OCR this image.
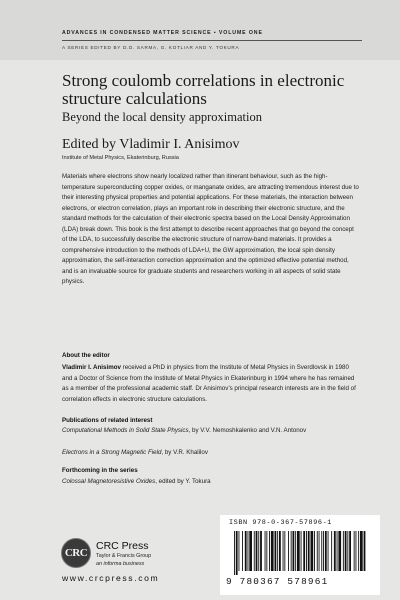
ADVANCES IN CONDENSED MATTER SCIENCE ▪ VOLUME ONE
A SERIES EDITED BY D.D. SARMA, G. KOTLIAR AND Y. TOKURA
Strong coulomb correlations in electronic structure calculations
Beyond the local density approximation
Edited by Vladimir I. Anisimov
Institute of Metal Physics, Ekaterinburg, Russia

Materials where electrons show nearly localized rather than itinerant behaviour, such as the high-temperature superconducting copper oxides, or manganate oxides, are attracting tremendous interest due to their interesting physical properties and potential applications. For these materials, the interaction between electrons, or electron correlation, plays an important role in describing their electronic structure, and the standard methods for the calculation of their electronic spectra based on the Local Density Approximation (LDA) break down. This book is the first attempt to describe recent approaches that go beyond the concept of the LDA, to successfully describe the electronic structure of narrow-band materials. It provides a comprehensive introduction to the methods of LDA+U, the GW approximation, the local spin density approximation, the self-interaction correction approximation and the optimized effective potential method, and is an invaluable source for graduate students and researchers working in all aspects of solid state physics.

About the editor

Vladimir I. Anisimov received a PhD in physics from the Institute of Metal Physics in Sverdlovsk in 1980 and a Doctor of Science from the Institute of Metal Physics in Ekaterinburg in 1994 where he has remained as a member of the professional academic staff. Dr Anisimov’s principal research interests are in the field of correlation effects in electronic structure calculations.

Publications of related interest

Computational Methods in Solid State Physics, by V.V. Nemoshkalenko and V.N. Antonov

Electrons in a Strong Magnetic Field, by V.R. Khalilov

Forthcoming in the series

Colossal Magnetoresistive Oxides, edited by Y. Tokura

CRC
CRC Press
Taylor & Francis Group
an informa business
www.crcpress.com
ISBN 978-0-367-57896-1
9 780367 578961
